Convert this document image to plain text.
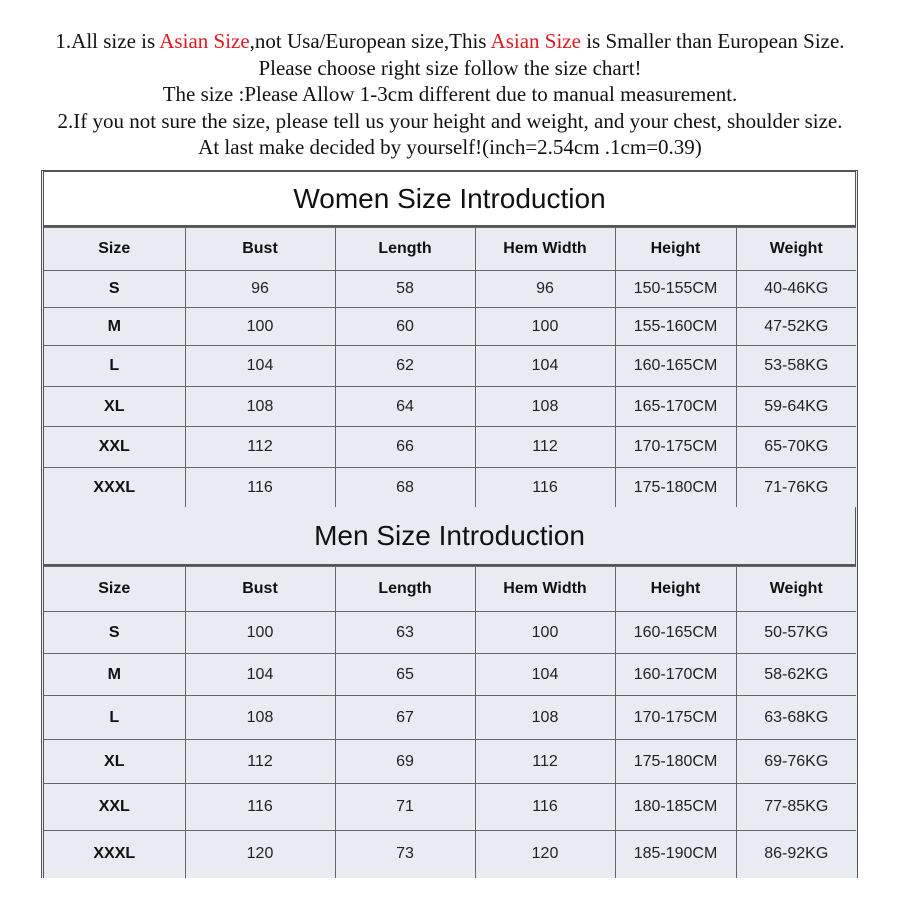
1.All size is Asian Size,not Usa/European size,This Asian Size is Smaller than European Size.
Please choose right size follow the size chart!
The size :Please Allow 1-3cm different due to manual measurement.
2.If you not sure the size, please tell us your height and weight, and your chest, shoulder size.
At last make decided by yourself!(inch=2.54cm .1cm=0.39)
Women Size Introduction
Size	Bust	Length	Hem Width	Height	Weight
S	96	58	96	150-155CM	40-46KG
M	100	60	100	155-160CM	47-52KG
L	104	62	104	160-165CM	53-58KG
XL	108	64	108	165-170CM	59-64KG
XXL	112	66	112	170-175CM	65-70KG
XXXL	116	68	116	175-180CM	71-76KG
Men Size Introduction
Size	Bust	Length	Hem Width	Height	Weight
S	100	63	100	160-165CM	50-57KG
M	104	65	104	160-170CM	58-62KG
L	108	67	108	170-175CM	63-68KG
XL	112	69	112	175-180CM	69-76KG
XXL	116	71	116	180-185CM	77-85KG
XXXL	120	73	120	185-190CM	86-92KG
